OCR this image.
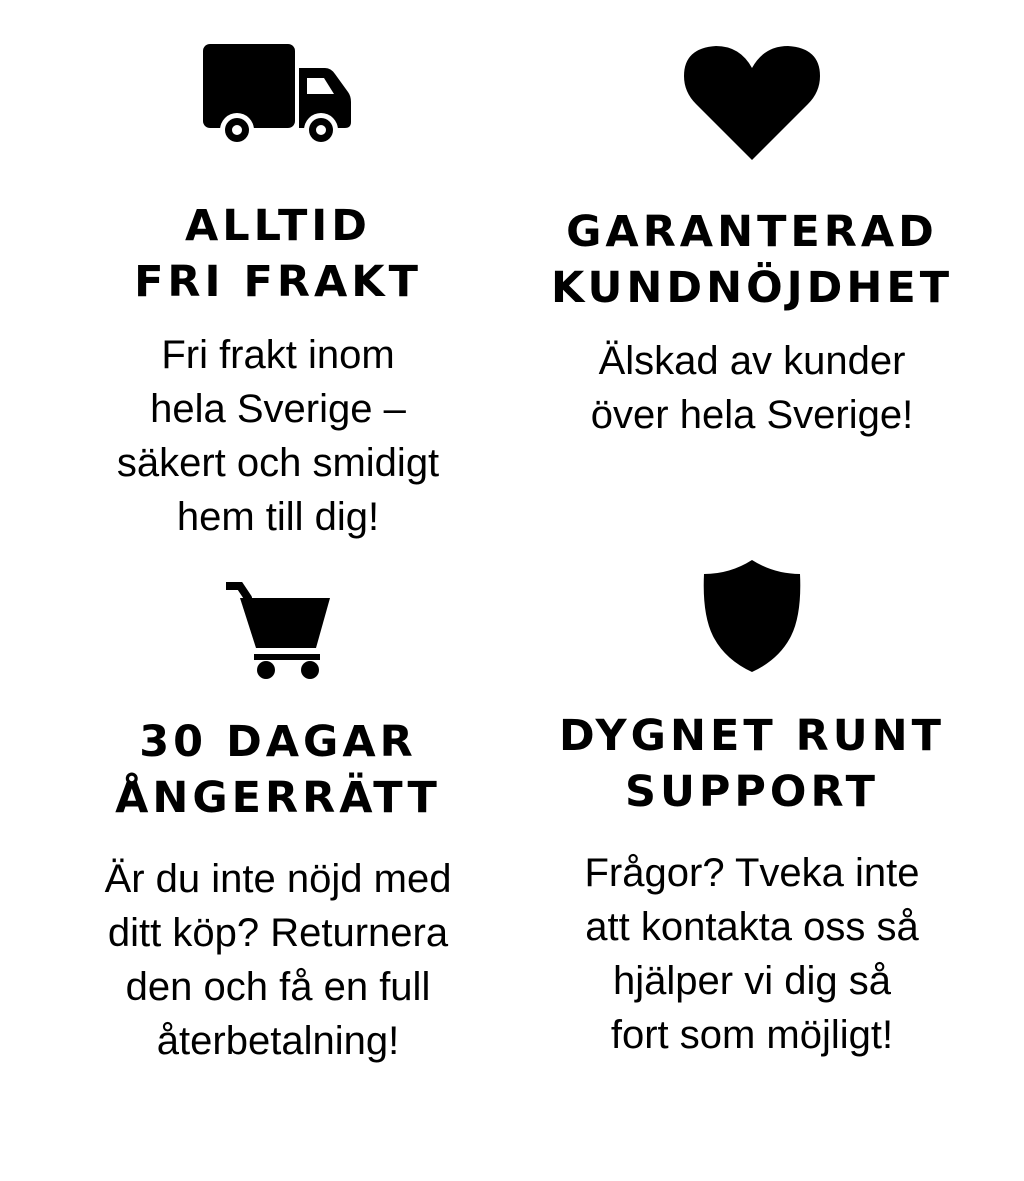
ALLTID
FRI FRAKT
Fri frakt inom
hela Sverige –
säkert och smidigt
hem till dig!
GARANTERAD
KUNDNÖJDHET
Älskad av kunder
över hela Sverige!
30 DAGAR
ÅNGERRÄTT
Är du inte nöjd med
ditt köp? Returnera
den och få en full
återbetalning!
DYGNET RUNT
SUPPORT
Frågor? Tveka inte
att kontakta oss så
hjälper vi dig så
fort som möjligt!
